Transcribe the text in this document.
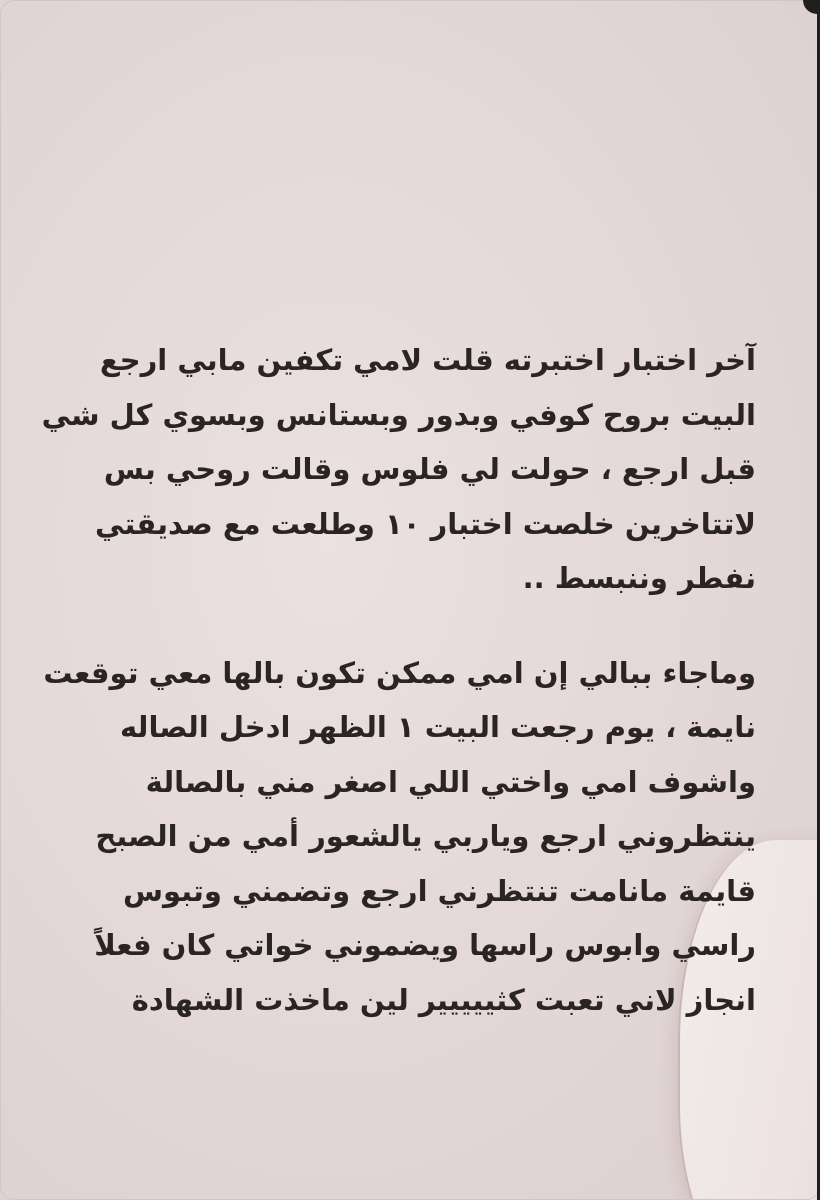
آخر اختبار اختبرته قلت لامي تكفين مابي ارجع
البيت بروح كوفي وبدور وبستانس وبسوي كل شي
قبل ارجع ، حولت لي فلوس وقالت روحي بس
لاتتاخرين خلصت اختبار ١٠ وطلعت مع صديقتي
نفطر وننبسط ..
وماجاء ببالي إن امي ممكن تكون بالها معي توقعت
نايمة ، يوم رجعت البيت ١ الظهر ادخل الصاله
واشوف امي واختي اللي اصغر مني بالصالة
ينتظروني ارجع وياربي يالشعور أمي من الصبح
قايمة مانامت تنتظرني ارجع وتضمني وتبوس
راسي وابوس راسها ويضموني خواتي كان فعلاً
انجاز لاني تعبت كثييييير لين ماخذت الشهادة
